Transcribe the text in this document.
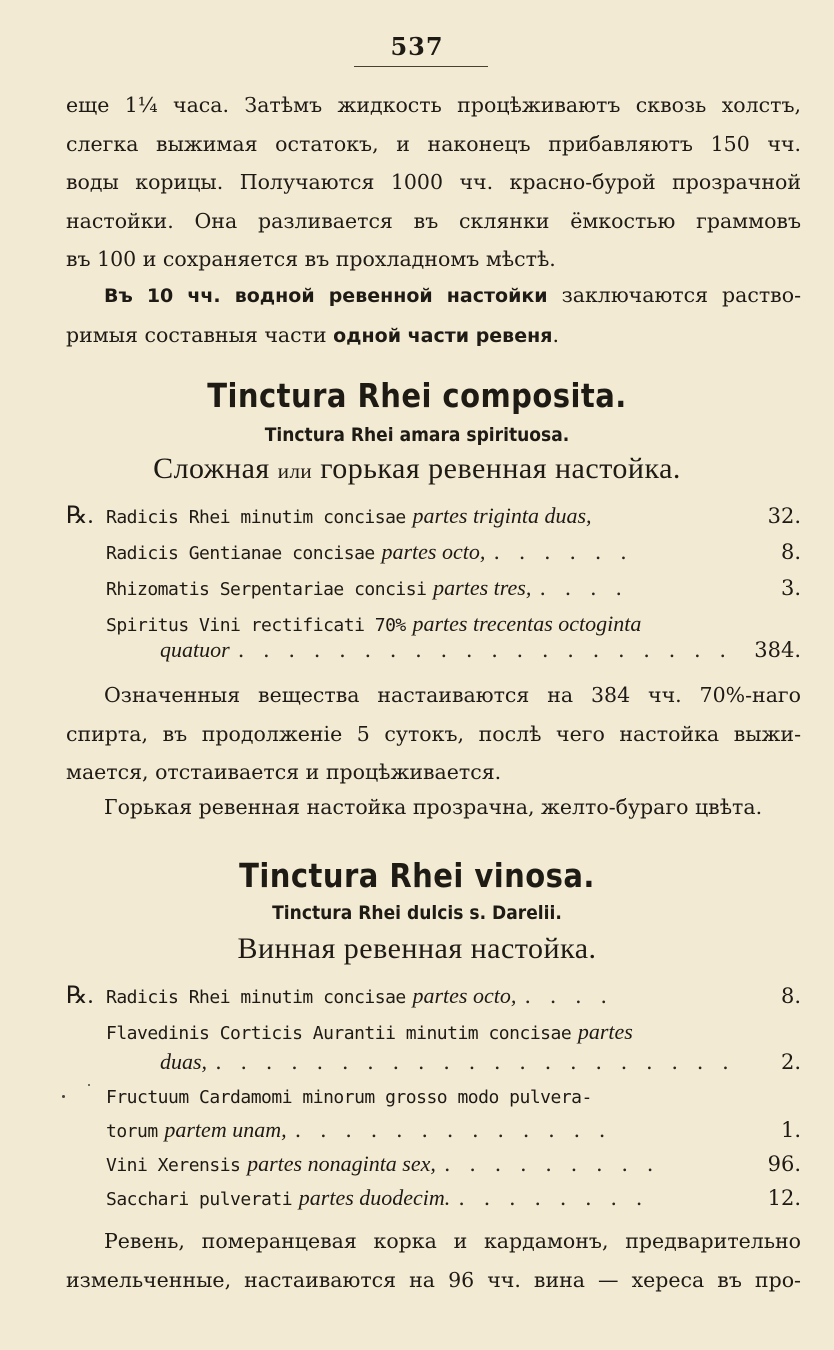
537
еще 1¼ часа. Затѣмъ жидкость процѣживаютъ сквозь холстъ,
слегка выжимая остатокъ, и наконецъ прибавляютъ 150 чч.
воды корицы. Получаются 1000 чч. красно-бурой прозрачной
настойки. Она разливается въ склянки ёмкостью граммовъ
въ 100 и сохраняется въ прохладномъ мѣстѣ.
Въ 10 чч. водной ревенной настойки заключаются раство-
римыя составныя части одной части ревеня.
Tinctura Rhei composita.
Tinctura Rhei amara spirituosa.
Сложная или горькая ревенная настойка.
℞. Radicis Rhei minutim concisae
partes triginta duas,	32.
Radicis Gentianae concisae
partes octo, . . . . . .	8.
Rhizomatis Serpentariae concisi
partes tres, . . . .	3.
Spiritus Vini rectificati 70%
partes trecentas octoginta
quatuor . . . . . . . . . . . . . . . . . . . .	384.
Означенныя вещества настаиваются на 384 чч. 70%-наго
спирта, въ продолженіе 5 сутокъ, послѣ чего настойка выжи-
мается, отстаивается и процѣживается.
Горькая ревенная настойка прозрачна, желто-бураго цвѣта.
Tinctura Rhei vinosa.
Tinctura Rhei dulcis s. Darelii.
Винная ревенная настойка.
℞. Radicis Rhei minutim concisae
partes octo, . . . .	8.
Flavedinis Corticis Aurantii minutim concisae
partes
duas, . . . . . . . . . . . . . . . . . . . . .	2.
Fructuum Cardamomi minorum grosso modo pulvera-
torum
partem unam, . . . . . . . . . . . . .	1.
Vini Xerensis
partes nonaginta sex, . . . . . . . . .	96.
Sacchari pulverati
partes duodecim. . . . . . . . .	12.
Ревень, померанцевая корка и кардамонъ, предварительно
измельченные, настаиваются на 96 чч. вина — хереса въ про-
